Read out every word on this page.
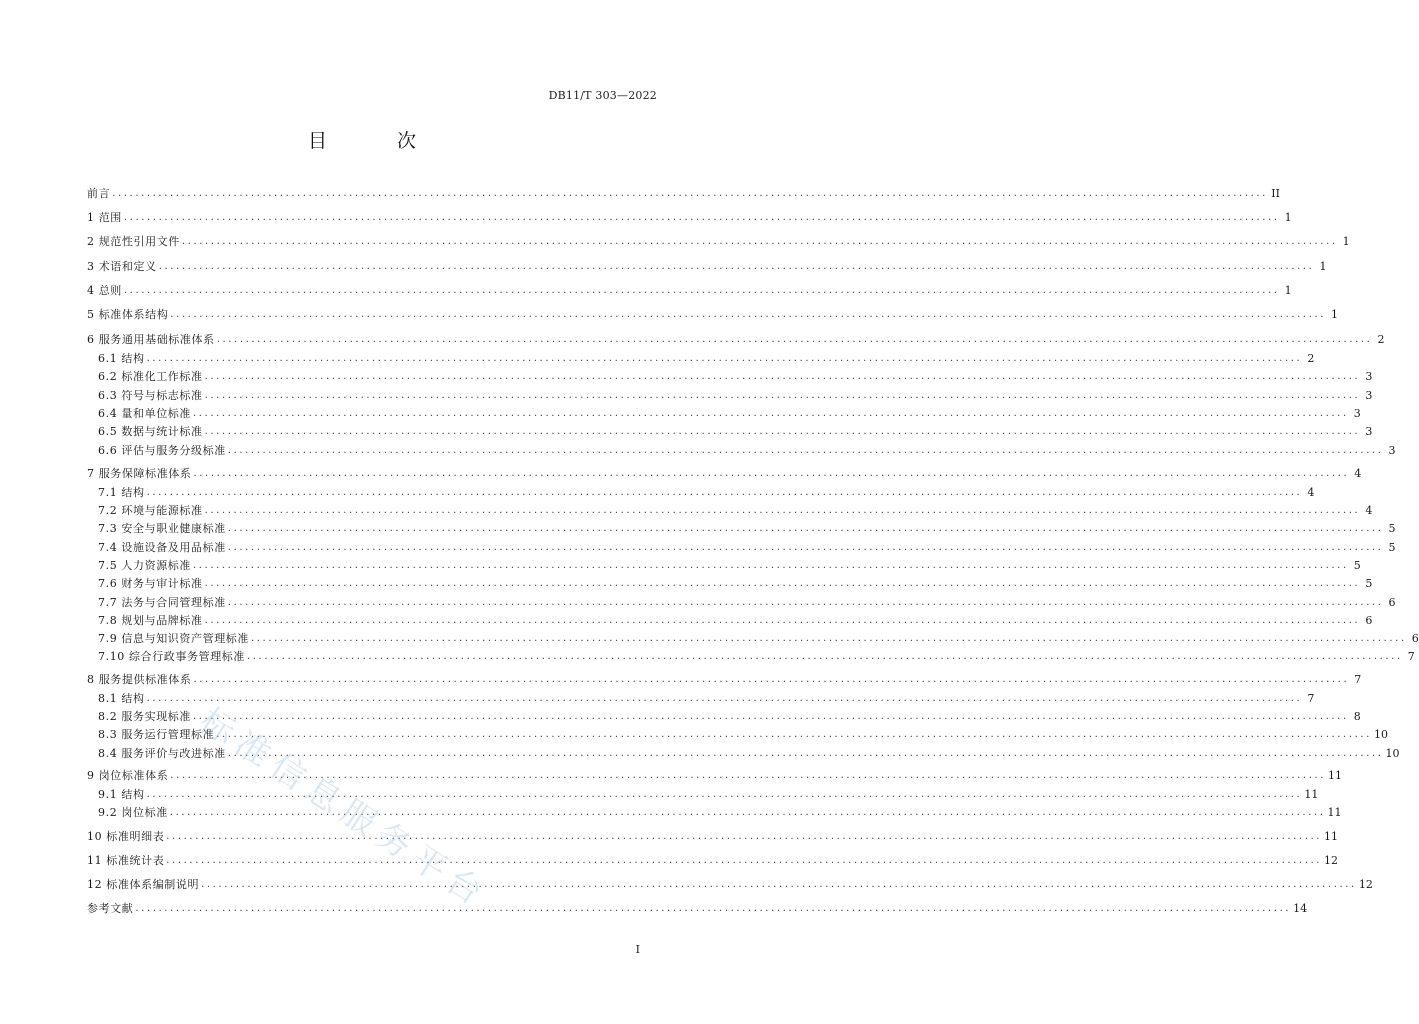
DB11/T 303—2022
目 次
前言 ........................................................................................................................................................................................................ II
1 范围 ........................................................................................................................................................................................................ 1
2 规范性引用文件 ........................................................................................................................................................................................................ 1
3 术语和定义 ........................................................................................................................................................................................................ 1
4 总则 ........................................................................................................................................................................................................ 1
5 标准体系结构 ........................................................................................................................................................................................................ 1
6 服务通用基础标准体系 ........................................................................................................................................................................................................ 2
6.1 结构 ........................................................................................................................................................................................................ 2
6.2 标准化工作标准 ........................................................................................................................................................................................................ 3
6.3 符号与标志标准 ........................................................................................................................................................................................................ 3
6.4 量和单位标准 ........................................................................................................................................................................................................ 3
6.5 数据与统计标准 ........................................................................................................................................................................................................ 3
6.6 评估与服务分级标准 ........................................................................................................................................................................................................ 3
7 服务保障标准体系 ........................................................................................................................................................................................................ 4
7.1 结构 ........................................................................................................................................................................................................ 4
7.2 环境与能源标准 ........................................................................................................................................................................................................ 4
7.3 安全与职业健康标准 ........................................................................................................................................................................................................ 5
7.4 设施设备及用品标准 ........................................................................................................................................................................................................ 5
7.5 人力资源标准 ........................................................................................................................................................................................................ 5
7.6 财务与审计标准 ........................................................................................................................................................................................................ 5
7.7 法务与合同管理标准 ........................................................................................................................................................................................................ 6
7.8 规划与品牌标准 ........................................................................................................................................................................................................ 6
7.9 信息与知识资产管理标准 ........................................................................................................................................................................................................ 6
7.10 综合行政事务管理标准 ........................................................................................................................................................................................................ 7
8 服务提供标准体系 ........................................................................................................................................................................................................ 7
8.1 结构 ........................................................................................................................................................................................................ 7
8.2 服务实现标准 ........................................................................................................................................................................................................ 8
8.3 服务运行管理标准 ........................................................................................................................................................................................................ 10
8.4 服务评价与改进标准 ........................................................................................................................................................................................................ 10
9 岗位标准体系 ........................................................................................................................................................................................................ 11
9.1 结构 ........................................................................................................................................................................................................ 11
9.2 岗位标准 ........................................................................................................................................................................................................ 11
10 标准明细表 ........................................................................................................................................................................................................ 11
11 标准统计表 ........................................................................................................................................................................................................ 12
12 标准体系编制说明 ........................................................................................................................................................................................................ 12
参考文献 ........................................................................................................................................................................................................ 14
I
标准信息服务平台
